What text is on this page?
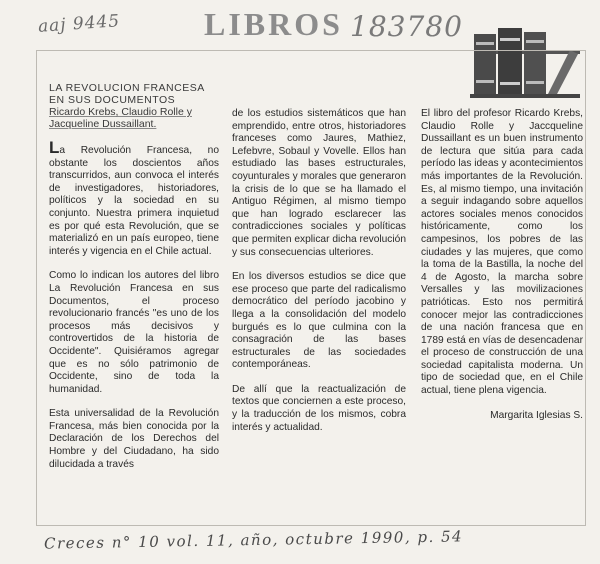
aaj 9445	LIBROS 183780
LA REVOLUCION FRANCESA
EN SUS DOCUMENTOS
Ricardo Krebs, Claudio Rolle y
Jacqueline Dussaillant.

La Revolución Francesa, no obstante los doscientos años transcurridos, aun convoca el interés de investigadores, historiadores, políticos y la sociedad en su conjunto. Nuestra primera inquietud es por qué esta Revolución, que se materializó en un país europeo, tiene interés y vigencia en el Chile actual.

Como lo indican los autores del libro La Revolución Francesa en sus Documentos, el proceso revolucionario francés "es uno de los procesos más decisivos y controvertidos de la historia de Occidente". Quisiéramos agregar que es no sólo patrimonio de Occidente, sino de toda la humanidad.

Esta universalidad de la Revolución Francesa, más bien conocida por la Declaración de los Derechos del Hombre y del Ciudadano, ha sido dilucidada a través

de los estudios sistemáticos que han emprendido, entre otros, historiadores franceses como Jaures, Mathiez, Lefebvre, Sobaul y Vovelle. Ellos han estudiado las bases estructurales, coyunturales y morales que generaron la crisis de lo que se ha llamado el Antiguo Régimen, al mismo tiempo que han logrado esclarecer las contradicciones sociales y políticas que permiten explicar dicha revolución y sus consecuencias ulteriores.

En los diversos estudios se dice que ese proceso que parte del radicalismo democrático del período jacobino y llega a la consolidación del modelo burgués es lo que culmina con la consagración de las bases estructurales de las sociedades contemporáneas.

De allí que la reactualización de textos que conciernen a este proceso, y la traducción de los mismos, cobra interés y actualidad.

El libro del profesor Ricardo Krebs, Claudio Rolle y Jaccqueline Dussaillant es un buen instrumento de lectura que sitúa para cada período las ideas y acontecimientos más importantes de la Revolución. Es, al mismo tiempo, una invitación a seguir indagando sobre aquellos actores sociales menos conocidos históricamente, como los campesinos, los pobres de las ciudades y las mujeres, que como la toma de la Bastilla, la noche del 4 de Agosto, la marcha sobre Versalles y las movilizaciones patrióticas. Esto nos permitirá conocer mejor las contradicciones de una nación francesa que en 1789 está en vías de desencadenar el proceso de construcción de una sociedad capitalista moderna. Un tipo de sociedad que, en el Chile actual, tiene plena vigencia.

Margarita Iglesias S.

Creces n° 10 vol. 11, año, octubre 1990, p. 54
